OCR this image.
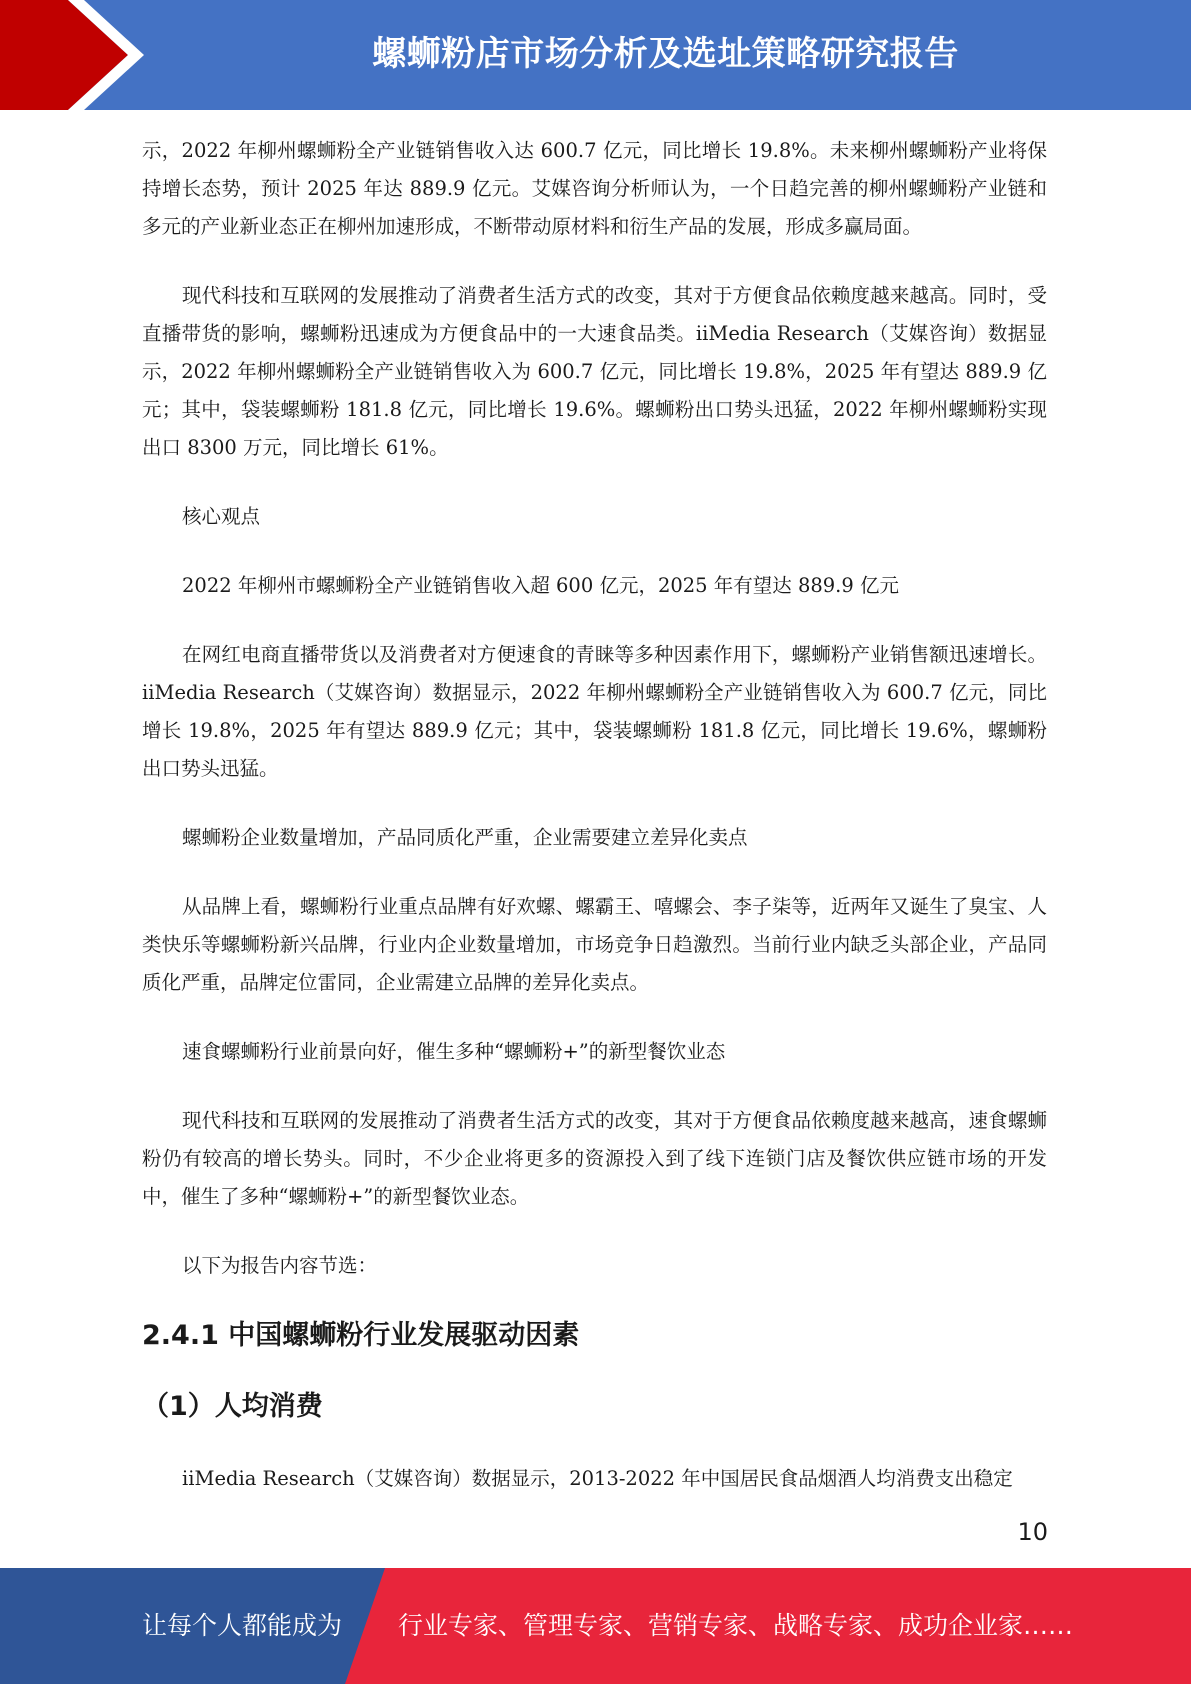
螺蛳粉店市场分析及选址策略研究报告

示，2022 年柳州螺蛳粉全产业链销售收入达 600.7 亿元，同比增长 19.8%。未来柳州螺蛳粉产业将保持增长态势，预计 2025 年达 889.9 亿元。艾媒咨询分析师认为，一个日趋完善的柳州螺蛳粉产业链和多元的产业新业态正在柳州加速形成，不断带动原材料和衍生产品的发展，形成多赢局面。

现代科技和互联网的发展推动了消费者生活方式的改变，其对于方便食品依赖度越来越高。同时，受直播带货的影响，螺蛳粉迅速成为方便食品中的一大速食品类。iiMedia Research（艾媒咨询）数据显示，2022 年柳州螺蛳粉全产业链销售收入为 600.7 亿元，同比增长 19.8%，2025 年有望达 889.9 亿元；其中，袋装螺蛳粉 181.8 亿元，同比增长 19.6%。螺蛳粉出口势头迅猛，2022 年柳州螺蛳粉实现出口 8300 万元，同比增长 61%。

核心观点

2022 年柳州市螺蛳粉全产业链销售收入超 600 亿元，2025 年有望达 889.9 亿元

在网红电商直播带货以及消费者对方便速食的青睐等多种因素作用下，螺蛳粉产业销售额迅速增长。iiMedia Research（艾媒咨询）数据显示，2022 年柳州螺蛳粉全产业链销售收入为 600.7 亿元，同比增长 19.8%，2025 年有望达 889.9 亿元；其中，袋装螺蛳粉 181.8 亿元，同比增长 19.6%，螺蛳粉出口势头迅猛。

螺蛳粉企业数量增加，产品同质化严重，企业需要建立差异化卖点

从品牌上看，螺蛳粉行业重点品牌有好欢螺、螺霸王、嘻螺会、李子柒等，近两年又诞生了臭宝、人类快乐等螺蛳粉新兴品牌，行业内企业数量增加，市场竞争日趋激烈。当前行业内缺乏头部企业，产品同质化严重，品牌定位雷同，企业需建立品牌的差异化卖点。

速食螺蛳粉行业前景向好，催生多种“螺蛳粉+”的新型餐饮业态

现代科技和互联网的发展推动了消费者生活方式的改变，其对于方便食品依赖度越来越高，速食螺蛳粉仍有较高的增长势头。同时，不少企业将更多的资源投入到了线下连锁门店及餐饮供应链市场的开发中，催生了多种“螺蛳粉+”的新型餐饮业态。

以下为报告内容节选：

2.4.1 中国螺蛳粉行业发展驱动因素
（1）人均消费

iiMedia Research（艾媒咨询）数据显示，2013-2022 年中国居民食品烟酒人均消费支出稳定

10
让每个人都能成为 行业专家、管理专家、营销专家、战略专家、成功企业家……
